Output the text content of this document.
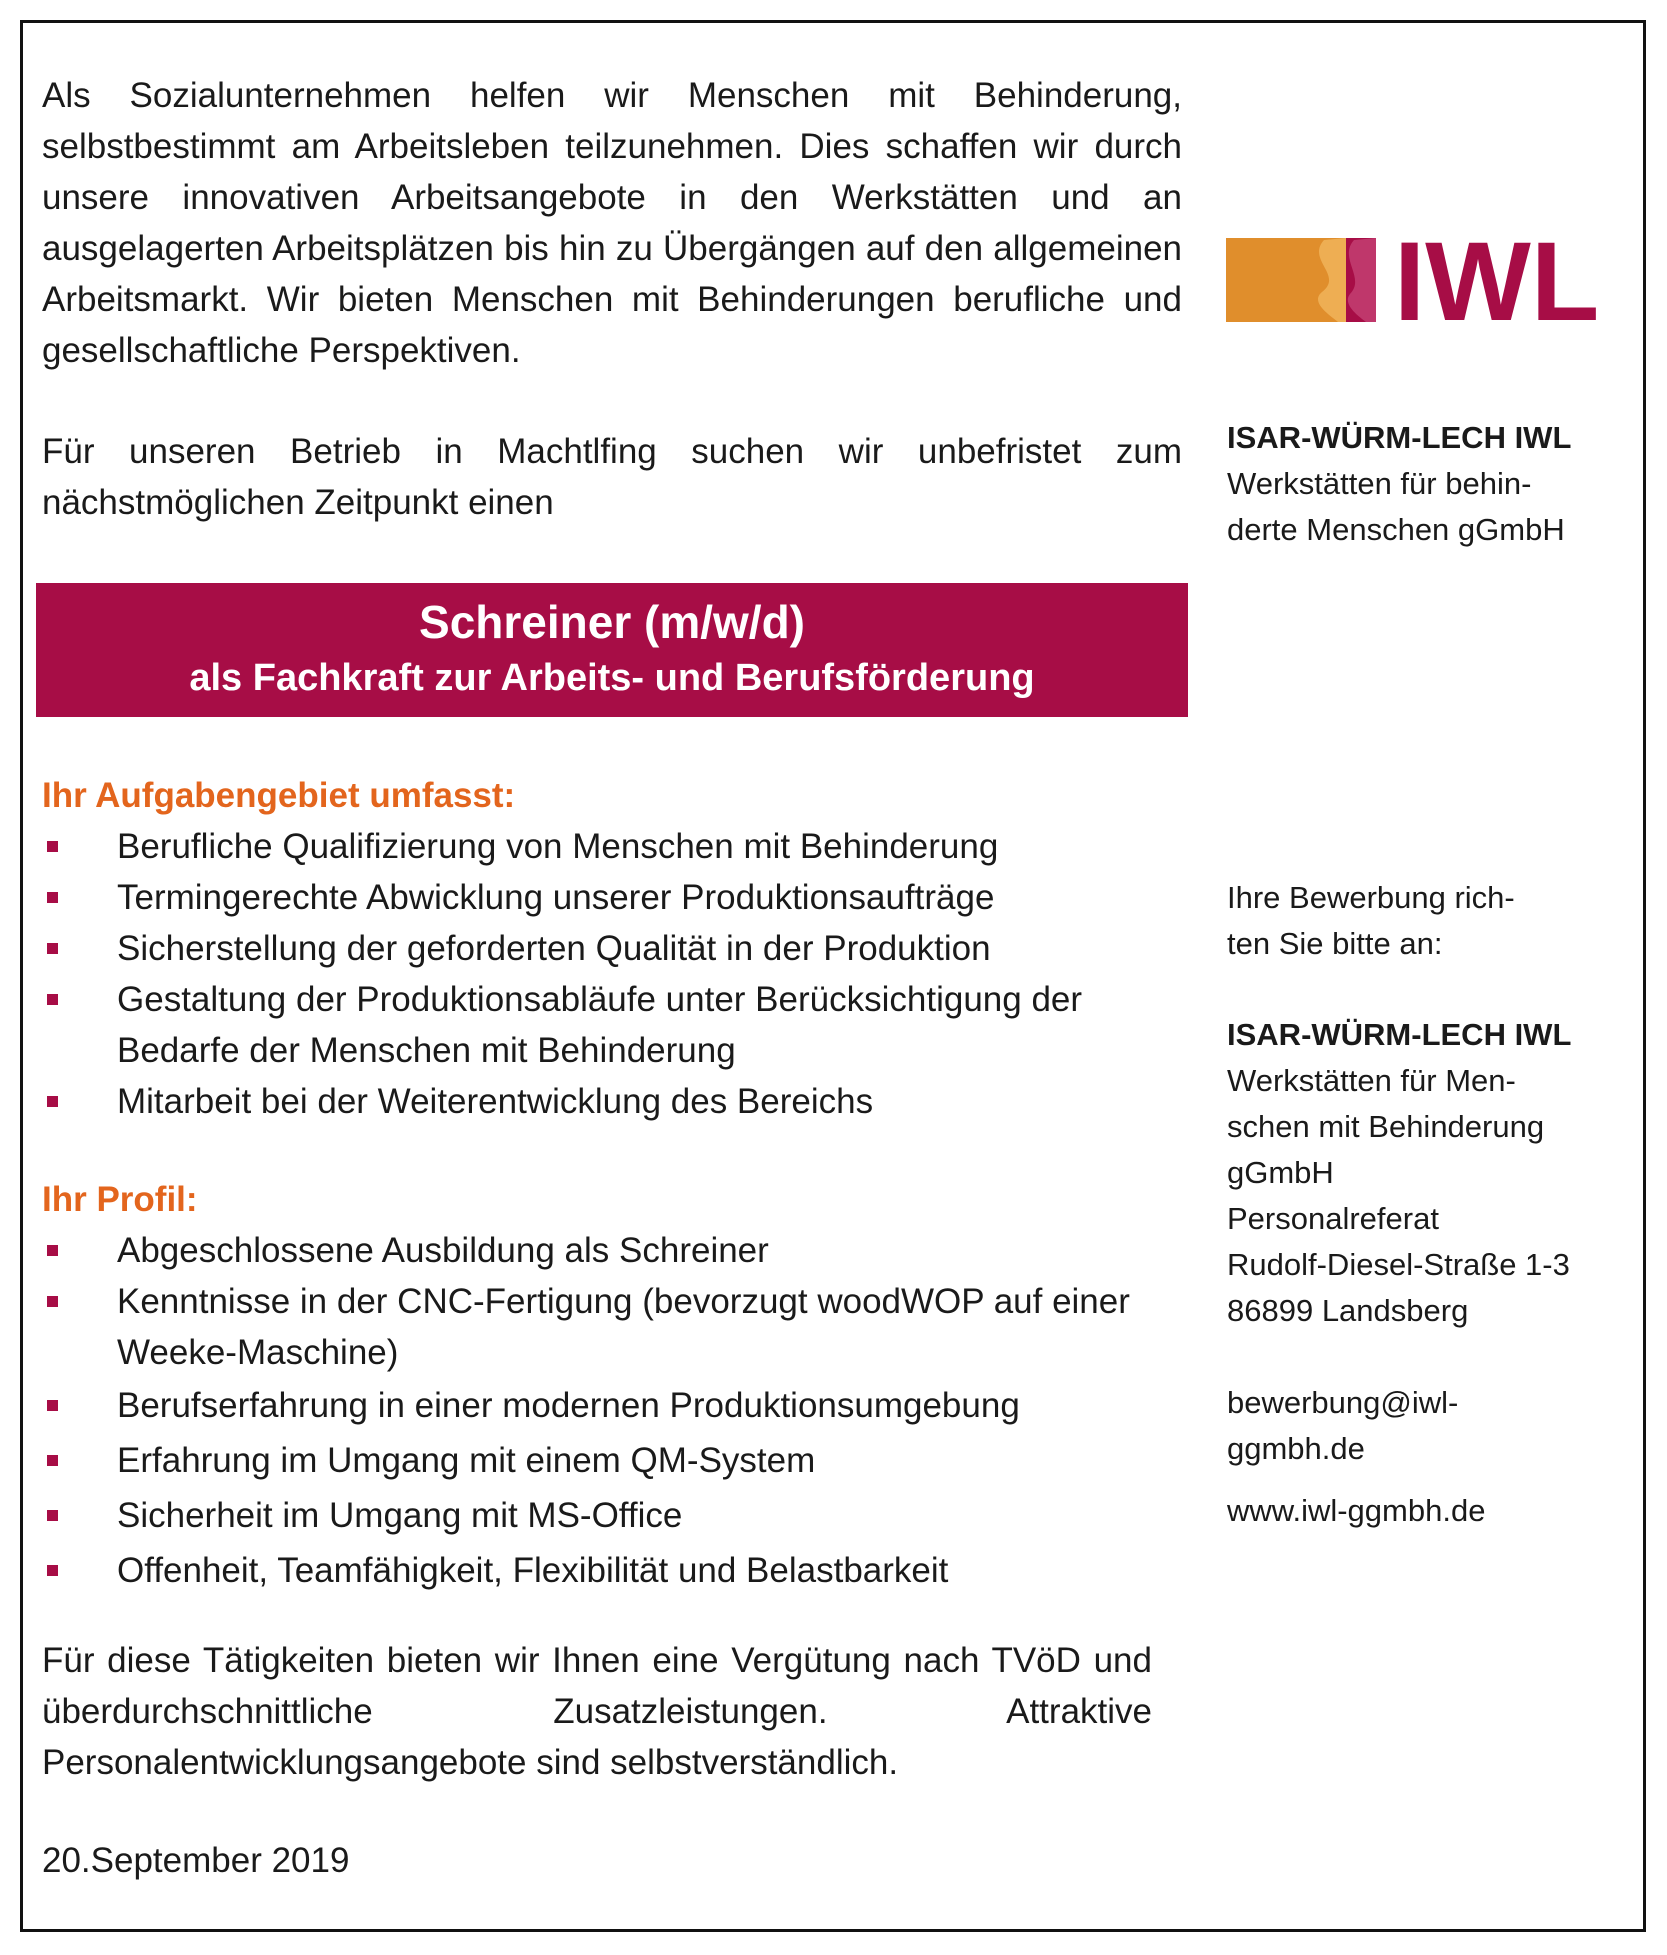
Als Sozialunternehmen helfen wir Menschen mit Behinderung, selbstbestimmt am Arbeitsleben teilzunehmen. Dies schaffen wir durch unsere innovativen Arbeitsangebote in den Werkstätten und an ausgelagerten Arbeitsplätzen bis hin zu Übergängen auf den allgemeinen Arbeitsmarkt. Wir bieten Menschen mit Behinderungen berufliche und gesellschaftliche Perspektiven.

Für unseren Betrieb in Machtlfing suchen wir unbefristet zum nächstmöglichen Zeitpunkt einen

Schreiner (m/w/d)
als Fachkraft zur Arbeits- und Berufsförderung

Ihr Aufgabengebiet umfasst:

Berufliche Qualifizierung von Menschen mit Behinderung
Termingerechte Abwicklung unserer Produktionsaufträge
Sicherstellung der geforderten Qualität in der Produktion
Gestaltung der Produktionsabläufe unter Berücksichtigung der Bedarfe der Menschen mit Behinderung
Mitarbeit bei der Weiterentwicklung des Bereichs

Ihr Profil:

Abgeschlossene Ausbildung als Schreiner
Kenntnisse in der CNC-Fertigung (bevorzugt woodWOP auf einer Weeke-Maschine)
Berufserfahrung in einer modernen Produktionsumgebung
Erfahrung im Umgang mit einem QM-System
Sicherheit im Umgang mit MS-Office
Offenheit, Teamfähigkeit, Flexibilität und Belastbarkeit

Für diese Tätigkeiten bieten wir Ihnen eine Vergütung nach TVöD und überdurchschnittliche Zusatzleistungen. Attraktive Personalentwicklungsangebote sind selbstverständlich.

20.September 2019
IWL

ISAR-WÜRM-LECH IWL

Werkstätten für behin-

derte Menschen gGmbH

Ihre Bewerbung rich-

ten Sie bitte an:

ISAR-WÜRM-LECH IWL

Werkstätten für Men-

schen mit Behinderung

gGmbH

Personalreferat

Rudolf-Diesel-Straße 1-3

86899 Landsberg

bewerbung@iwl-

ggmbh.de

www.iwl-ggmbh.de
